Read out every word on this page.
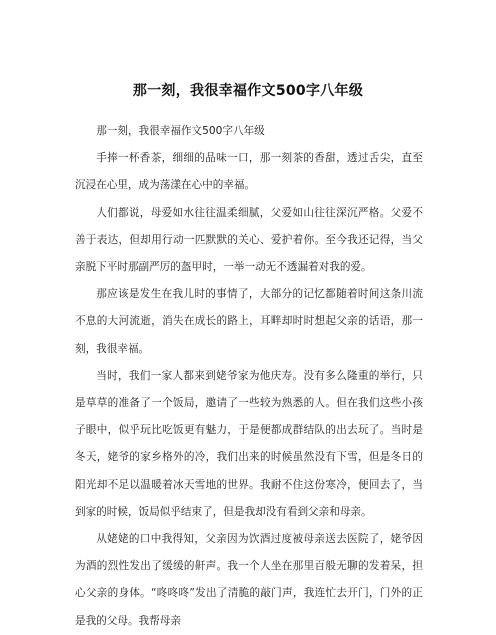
那一刻，我很幸福作文500字八年级

那一刻，我很幸福作文500字八年级

手捧一杯香茶，细细的品味一口，那一刻茶的香甜，透过舌尖，直至沉浸在心里，成为荡漾在心中的幸福。

人们都说，母爱如水往往温柔细腻，父爱如山往往深沉严格。父爱不善于表达，但却用行动一匹默默的关心、爱护着你。至今我还记得，当父亲脱下平时那副严厉的盔甲时，一举一动无不透漏着对我的爱。

那应该是发生在我儿时的事情了，大部分的记忆都随着时间这条川流不息的大河流逝，消失在成长的路上，耳畔却时时想起父亲的话语，那一刻，我很幸福。

当时，我们一家人都来到姥爷家为他庆寿。没有多么隆重的举行，只是草草的准备了一个饭局，邀请了一些较为熟悉的人。但在我们这些小孩子眼中，似乎玩比吃饭更有魅力，于是便都成群结队的出去玩了。当时是冬天，姥爷的家乡格外的冷，我们出来的时候虽然没有下雪，但是冬日的阳光却不足以温暖着冰天雪地的世界。我耐不住这份寒冷，便回去了，当到家的时候，饭局似乎结束了，但是我却没有看到父亲和母亲。

从姥姥的口中我得知，父亲因为饮酒过度被母亲送去医院了，姥爷因为酒的烈性发出了缓缓的鼾声。我一个人坐在那里百般无聊的发着呆，担心父亲的身体。“咚咚咚”发出了清脆的敲门声，我连忙去开门，门外的正是我的父母。我帮母亲
